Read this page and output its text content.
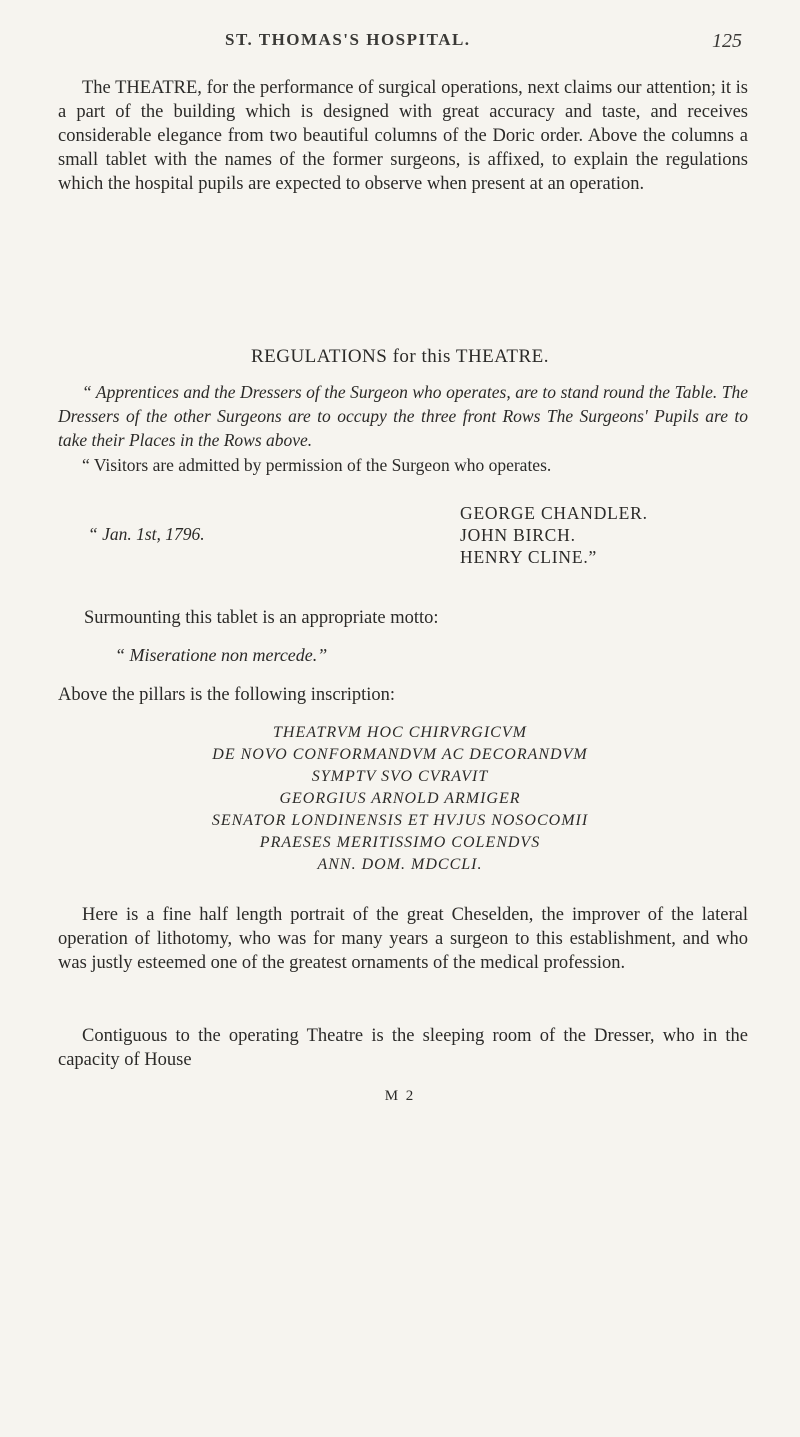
ST. THOMAS'S HOSPITAL.	125

The THEATRE, for the performance of surgical operations, next claims our attention; it is a part of the building which is designed with great accuracy and taste, and receives considerable elegance from two beautiful columns of the Doric order. Above the columns a small tablet with the names of the former surgeons, is affixed, to explain the regulations which the hospital pupils are expected to observe when present at an operation.

REGULATIONS for this THEATRE.

“ Apprentices and the Dressers of the Surgeon who operates, are to stand round the Table. The Dressers of the other Surgeons are to occupy the three front Rows The Surgeons' Pupils are to take their Places in the Rows above.

“ Visitors are admitted by permission of the Surgeon who operates.

GEORGE CHANDLER.
JOHN BIRCH.
HENRY CLINE.”
“ Jan. 1st, 1796.
Surmounting this tablet is an appropriate motto:
“ Miseratione non mercede.”
Above the pillars is the following inscription:
THEATRVM HOC CHIRVRGICVM
DE NOVO CONFORMANDVM AC DECORANDVM
SYMPTV SVO CVRAVIT
GEORGIUS ARNOLD ARMIGER
SENATOR LONDINENSIS ET HVJUS NOSOCOMII
PRAESES MERITISSIMO COLENDVS
ANN. DOM. MDCCLI.

Here is a fine half length portrait of the great Cheselden, the improver of the lateral operation of lithotomy, who was for many years a surgeon to this establishment, and who was justly esteemed one of the greatest ornaments of the medical profession.

Contiguous to the operating Theatre is the sleeping room of the Dresser, who in the capacity of House

M 2
